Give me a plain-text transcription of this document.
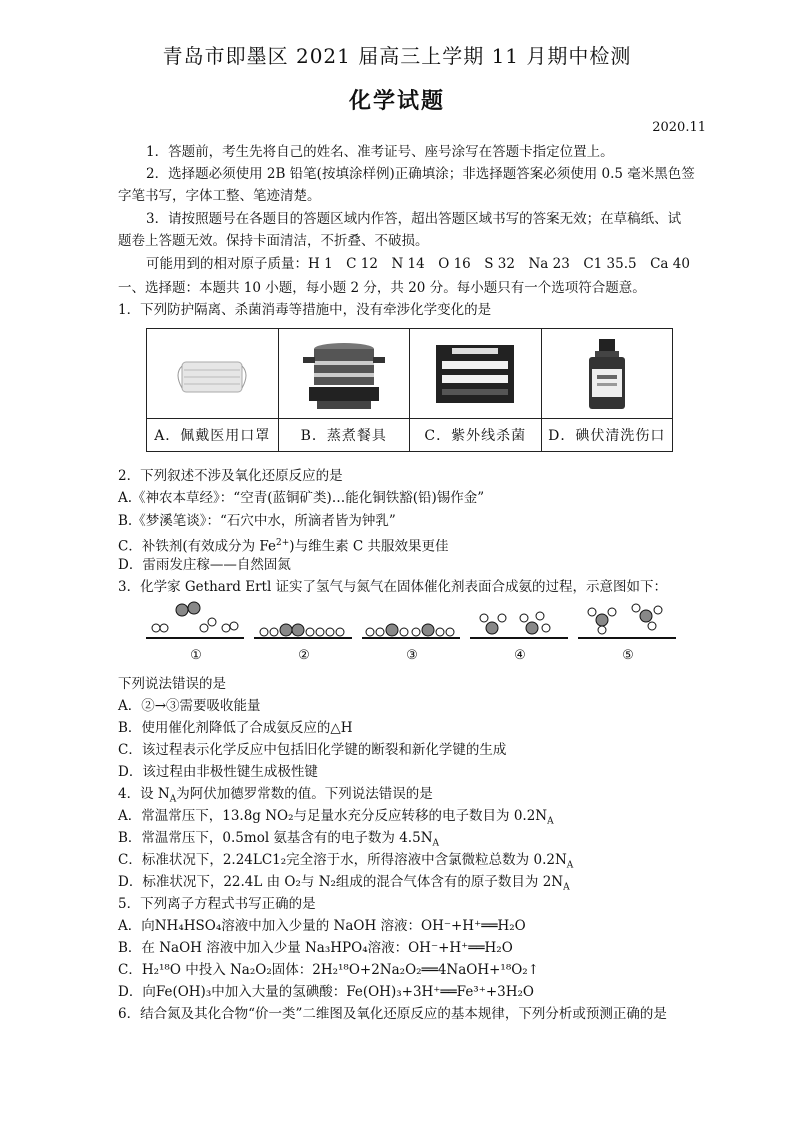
青岛市即墨区 2021 届高三上学期 11 月期中检测
化学试题
2020.11
1．答题前，考生先将自己的姓名、准考证号、座号涂写在答题卡指定位置上。
2．选择题必须使用 2B 铅笔(按填涂样例)正确填涂；非选择题答案必须使用 0.5 毫米黑色签
字笔书写，字体工整、笔迹清楚。
3．请按照题号在各题目的答题区域内作答，超出答题区域书写的答案无效；在草稿纸、试
题卷上答题无效。保持卡面清洁，不折叠、不破损。
可能用到的相对原子质量：H 1　C 12　N 14　O 16　S 32　Na 23　C1 35.5　Ca 40
一、选择题：本题共 10 小题，每小题 2 分，共 20 分。每小题只有一个选项符合题意。
1．下列防护隔离、杀菌消毒等措施中，没有牵涉化学变化的是
A．佩戴医用口罩	B．蒸煮餐具	C．紫外线杀菌	D．碘伏清洗伤口
2．下列叙述不涉及氧化还原反应的是
A.《神农本草经》：“空青(蓝铜矿类)…能化铜铁豁(铅)锡作金”
B.《梦溪笔谈》：“石穴中水，所滴者皆为钟乳”
C．补铁剂(有效成分为 $Fe^{2+}$)与维生素 C 共服效果更佳
D．雷雨发庄稼——自然固氮
3．化学家 Gethard Ertl 证实了氢气与氮气在固体催化剂表面合成氨的过程，示意图如下：
①	②	③	④	⑤
下列说法错误的是
A．②→③需要吸收能量
B．使用催化剂降低了合成氨反应的△H
C．该过程表示化学反应中包括旧化学键的断裂和新化学键的生成
D．该过程由非极性键生成极性键
4．设 $N_A$为阿伏加德罗常数的值。下列说法错误的是
A．常温常压下，13.8g NO₂与足量水充分反应转移的电子数目为 $0.2N_A$
B．常温常压下，0.5mol 氨基含有的电子数为 $4.5N_A$
C．标准状况下，2.24LC1₂完全溶于水，所得溶液中含氯微粒总数为 $0.2N_A$
D．标准状况下，22.4L 由 O₂与 N₂组成的混合气体含有的原子数目为 $2N_A$
5．下列离子方程式书写正确的是
A．向NH₄HSO₄溶液中加入少量的 NaOH 溶液：OH⁻+H⁺══H₂O
B．在 NaOH 溶液中加入少量 Na₃HPO₄溶液：OH⁻+H⁺══H₂O
C．H₂¹⁸O 中投入 Na₂O₂固体：2H₂¹⁸O+2Na₂O₂══4NaOH+¹⁸O₂↑
D．向Fe(OH)₃中加入大量的氢碘酸：Fe(OH)₃+3H⁺══Fe³⁺+3H₂O
6．结合氮及其化合物“价一类”二维图及氧化还原反应的基本规律，下列分析或预测正确的是
